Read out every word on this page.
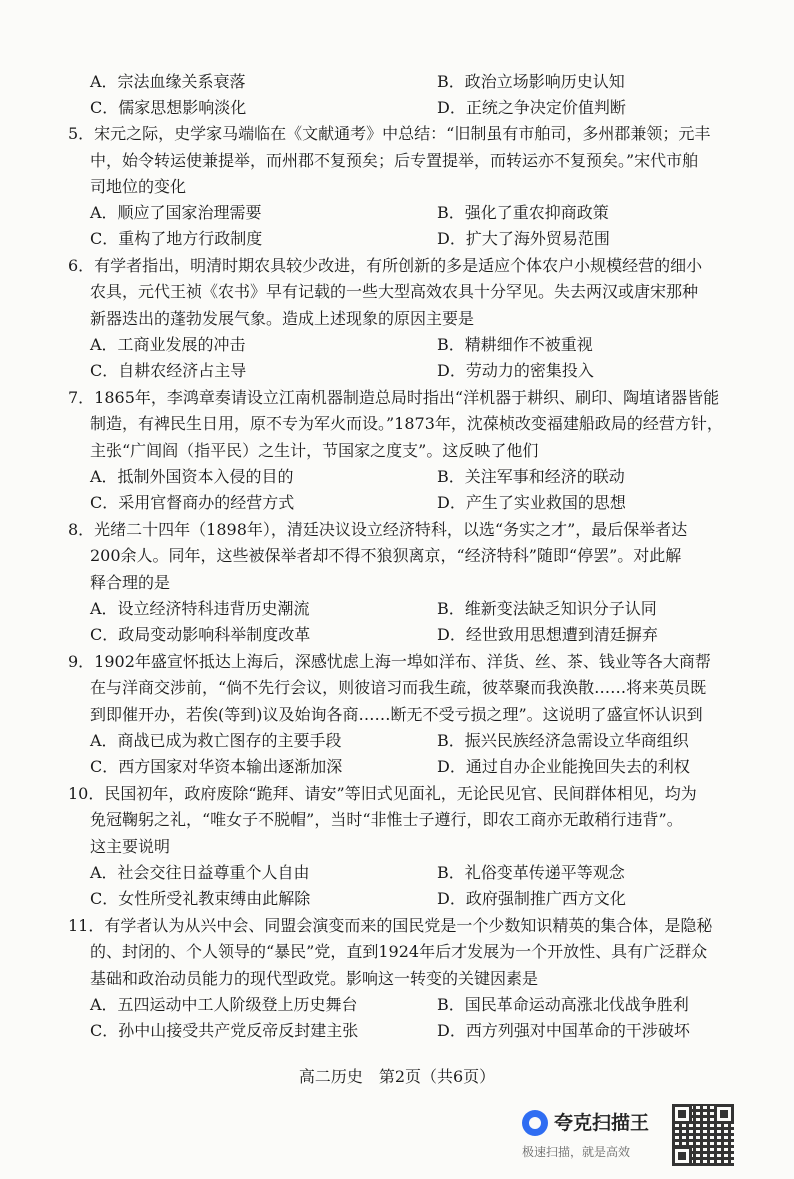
A．宗法血缘关系衰落
C．儒家思想影响淡化
5．宋元之际，史学家马端临在《文献通考》中总结：“旧制虽有市舶司，多州郡兼领；元丰
中，始令转运使兼提举，而州郡不复预矣；后专置提举，而转运亦不复预矣。”宋代市舶
司地位的变化
A．顺应了国家治理需要
C．重构了地方行政制度
6．有学者指出，明清时期农具较少改进，有所创新的多是适应个体农户小规模经营的细小
农具，元代王祯《农书》早有记载的一些大型高效农具十分罕见。失去两汉或唐宋那种
新器迭出的蓬勃发展气象。造成上述现象的原因主要是
A．工商业发展的冲击
C．自耕农经济占主导
7．1865年，李鸿章奏请设立江南机器制造总局时指出“洋机器于耕织、刷印、陶埴诸器皆能
制造，有裨民生日用，原不专为军火而设。”1873年，沈葆桢改变福建船政局的经营方针，
主张“广闾阎（指平民）之生计，节国家之度支”。这反映了他们
A．抵制外国资本入侵的目的
C．采用官督商办的经营方式
8．光绪二十四年（1898年），清廷决议设立经济特科，以选“务实之才”，最后保举者达
200余人。同年，这些被保举者却不得不狼狈离京，“经济特科”随即“停罢”。对此解
释合理的是
A．设立经济特科违背历史潮流
C．政局变动影响科举制度改革
9．1902年盛宣怀抵达上海后，深感忧虑上海一埠如洋布、洋货、丝、茶、钱业等各大商帮
在与洋商交涉前，“倘不先行会议，则彼谙习而我生疏，彼萃聚而我涣散……将来英员既
到即催开办，若俟(等到)议及始询各商……断无不受亏损之理”。这说明了盛宣怀认识到
A．商战已成为救亡图存的主要手段
C．西方国家对华资本输出逐渐加深
10．民国初年，政府废除“跪拜、请安”等旧式见面礼，无论民见官、民间群体相见，均为
免冠鞠躬之礼，“唯女子不脱帽”，当时“非惟士子遵行，即农工商亦无敢稍行违背”。
这主要说明
A．社会交往日益尊重个人自由
C．女性所受礼教束缚由此解除
11．有学者认为从兴中会、同盟会演变而来的国民党是一个少数知识精英的集合体，是隐秘
的、封闭的、个人领导的“暴民”党，直到1924年后才发展为一个开放性、具有广泛群众
基础和政治动员能力的现代型政党。影响这一转变的关键因素是
A．五四运动中工人阶级登上历史舞台
C．孙中山接受共产党反帝反封建主张
B．政治立场影响历史认知
D．正统之争决定价值判断
B．强化了重农抑商政策
D．扩大了海外贸易范围
B．精耕细作不被重视
D．劳动力的密集投入
B．关注军事和经济的联动
D．产生了实业救国的思想
B．维新变法缺乏知识分子认同
D．经世致用思想遭到清廷摒弃
B．振兴民族经济急需设立华商组织
D．通过自办企业能挽回失去的利权
B．礼俗变革传递平等观念
D．政府强制推广西方文化
B．国民革命运动高涨北伐战争胜利
D．西方列强对中国革命的干涉破坏
高二历史　第2页（共6页）
夸克扫描王
极速扫描，就是高效
